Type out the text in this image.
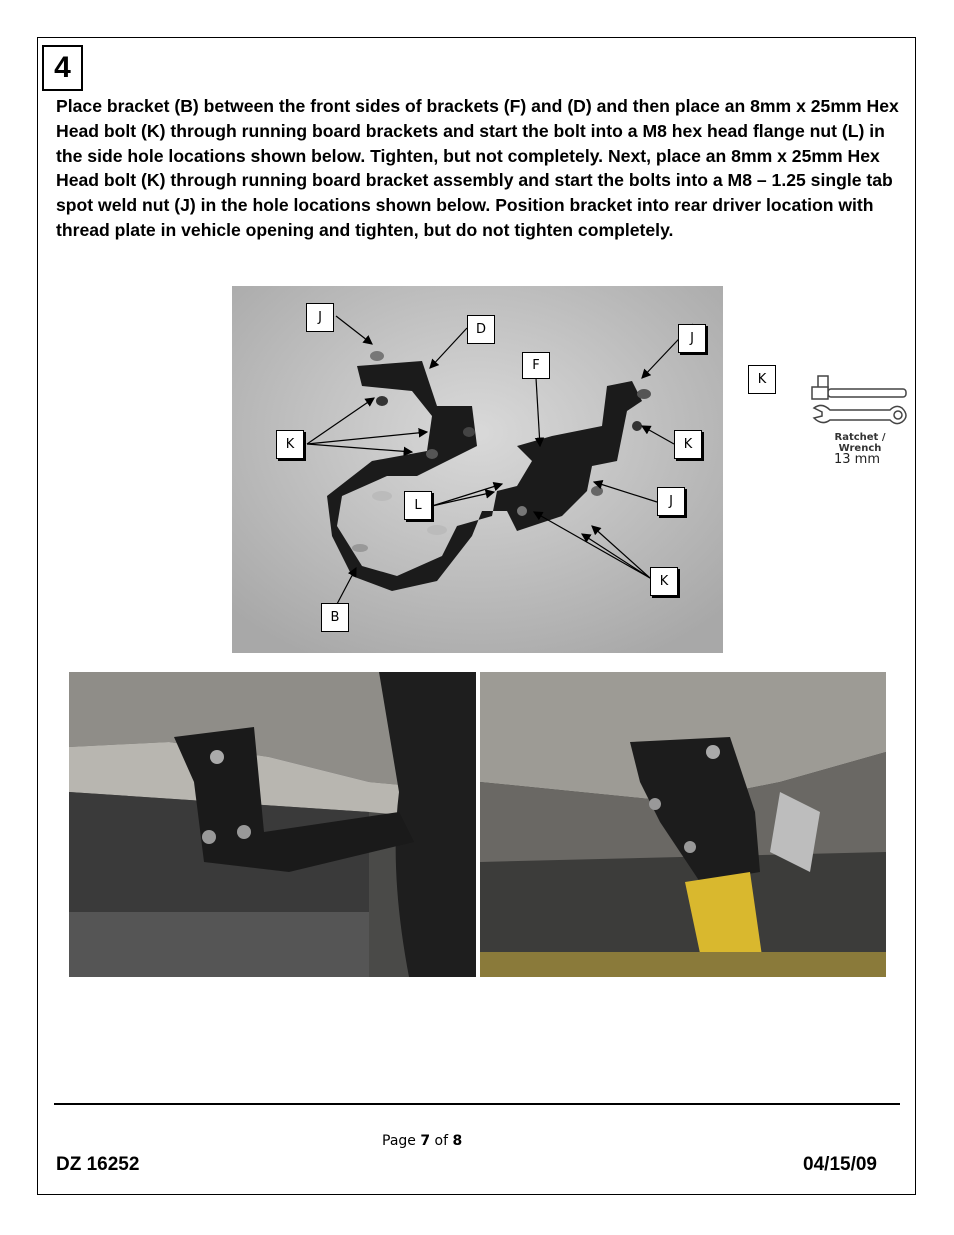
4

Place bracket (B) between the front sides of brackets (F) and (D) and then place an 8mm x 25mm Hex Head bolt (K) through running board brackets and start the bolt into a M8 hex head flange nut (L) in the side hole locations shown below. Tighten, but not completely. Next, place an 8mm x 25mm Hex Head bolt (K) through running board bracket assembly and start the bolts into a M8 – 1.25 single tab spot weld nut (J) in the hole locations shown below. Position bracket into rear driver location with thread plate in vehicle opening and tighten, but do not tighten completely.

J
D
J
F
K	K
L	J
K
B
K
Ratchet / Wrench
13 mm
Page 7 of 8
DZ 16252	04/15/09
